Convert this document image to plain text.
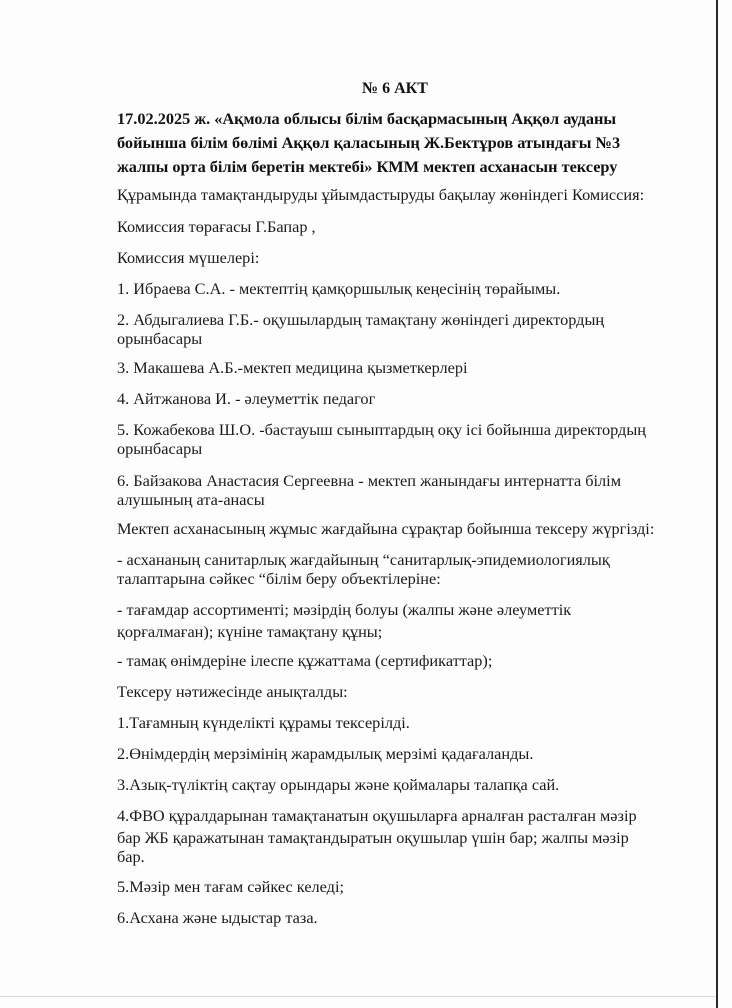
№ 6 АКТ

17.02.2025 ж. «Ақмола облысы білім басқармасының Аққөл ауданы

бойынша білім бөлімі Аққөл қаласының Ж.Бектұров атындағы №3

жалпы орта білім беретін мектебі» КММ мектеп асханасын тексеру

Құрамында тамақтандыруды ұйымдастыруды бақылау жөніндегі Комиссия:

Комиссия төрағасы Г.Бапар ,

Комиссия мүшелері:

1. Ибраева С.А. - мектептің қамқоршылық кеңесінің төрайымы.

2. Абдыгалиева Г.Б.- оқушылардың тамақтану жөніндегі директордың

орынбасары

3. Макашева А.Б.-мектеп медицина қызметкерлері

4. Айтжанова И. - әлеуметтік педагог

5. Кожабекова Ш.О. -бастауыш сыныптардың оқу ісі бойынша директордың

орынбасары

6. Байзакова Анастасия Сергеевна - мектеп жанындағы интернатта білім

алушының ата-анасы

Мектеп асханасының жұмыс жағдайына сұрақтар бойынша тексеру жүргізді:

- асхананың санитарлық жағдайының “санитарлық-эпидемиологиялық

талаптарына сәйкес “білім беру объектілеріне:

- тағамдар ассортименті; мәзірдің болуы (жалпы және әлеуметтік

қорғалмаған); күніне тамақтану құны;

- тамақ өнімдеріне ілеспе құжаттама (сертификаттар);

Тексеру нәтижесінде анықталды:

1.Тағамның күнделікті құрамы тексерілді.

2.Өнімдердің мерзімінің жарамдылық мерзімі қадағаланды.

3.Азық-түліктің сақтау орындары және қоймалары талапқа сай.

4.ФВО құралдарынан тамақтанатын оқушыларға арналған расталған мәзір

бар ЖБ қаражатынан тамақтандыратын оқушылар үшін бар; жалпы мәзір

бар.

5.Мәзір мен тағам сәйкес келеді;

6.Асхана және ыдыстар таза.
